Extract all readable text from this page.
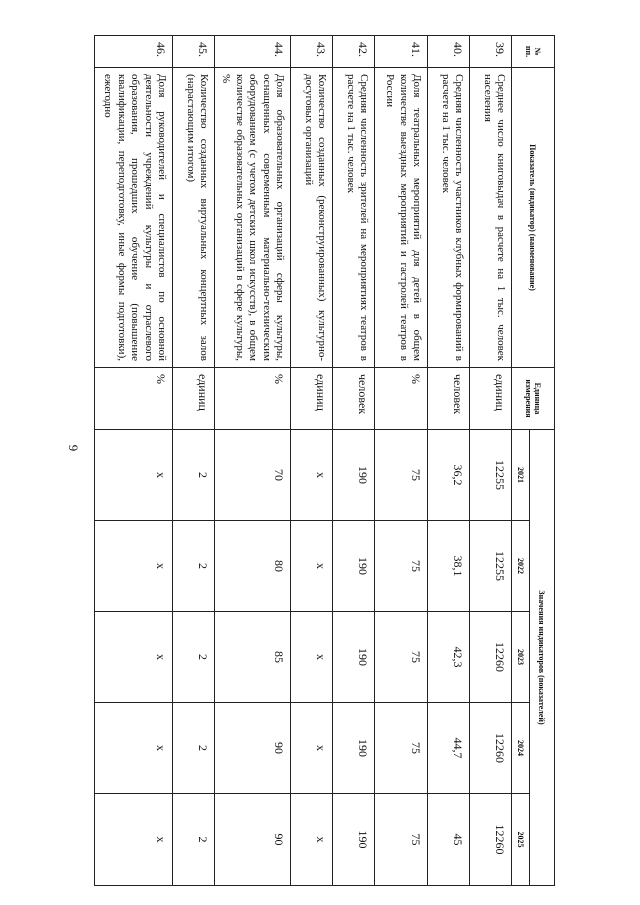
6
№ пп.	Показатель (индикатор) (наименование)	Единица измерения	Значения индикаторов (показателей)				
			2021	2022	2023	2024	2025
39.	Среднее число книговыдач в расчете на 1 тыс. человек населения	единиц	12255	12255	12260	12260	12260
40.	Средняя численность участников клубных формирований в расчете на 1 тыс. человек	человек	36,2	38,1	42,3	44,7	45
41.	Доля театральных мероприятий для детей в общем количестве выездных мероприятий и гастролей театров в России	%	75	75	75	75	75
42.	Средняя численность зрителей на мероприятиях театров в расчете на 1 тыс. человек	человек	190	190	190	190	190
43.	Количество созданных (реконструированных) культурно-досуговых организаций	единиц	x	x	x	x	x
44.	Доля образовательных организаций сферы культуры, оснащенных современным материально-техническим оборудованием (с учетом детских школ искусств), в общем количестве образовательных организаций в сфере культуры, %	%	70	80	85	90	90
45.	Количество созданных виртуальных концертных залов (нарастающим итогом)	единиц	2	2	2	2	2
46.	Доля руководителей и специалистов по основной деятельности учреждений культуры и отраслевого образования, прошедших обучение (повышение квалификации, переподготовку, иные формы подготовки), ежегодно	%	x	x	x	x	x
